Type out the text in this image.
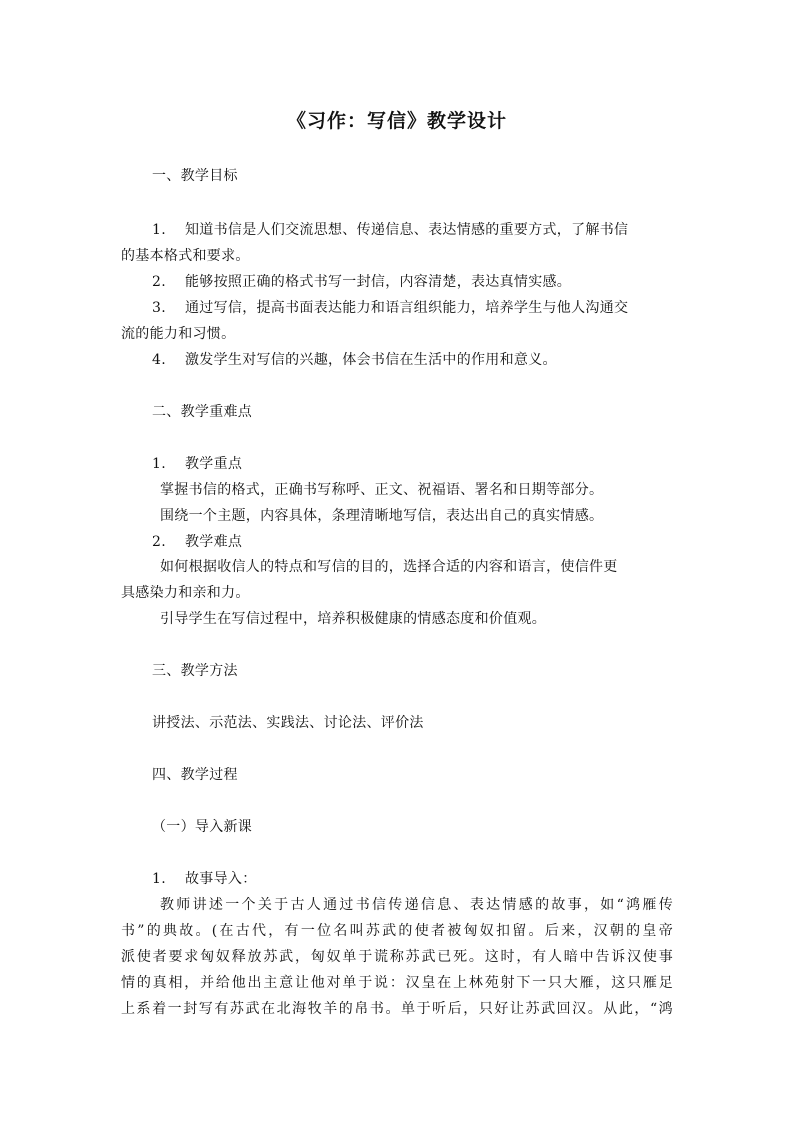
《习作：写信》教学设计
一、教学目标
1. 知道书信是人们交流思想、传递信息、表达情感的重要方式，了解书信
的基本格式和要求。
2. 能够按照正确的格式书写一封信，内容清楚，表达真情实感。
3. 通过写信，提高书面表达能力和语言组织能力，培养学生与他人沟通交
流的能力和习惯。
4. 激发学生对写信的兴趣，体会书信在生活中的作用和意义。
二、教学重难点
1. 教学重点
掌握书信的格式，正确书写称呼、正文、祝福语、署名和日期等部分。
围绕一个主题，内容具体，条理清晰地写信，表达出自己的真实情感。
2. 教学难点
如何根据收信人的特点和写信的目的，选择合适的内容和语言，使信件更
具感染力和亲和力。
引导学生在写信过程中，培养积极健康的情感态度和价值观。
三、教学方法
讲授法、示范法、实践法、讨论法、评价法
四、教学过程
（一）导入新课
1. 故事导入：
教师讲述一个关于古人通过书信传递信息、表达情感的故事，如“鸿雁传
书”的典故。(在古代，有一位名叫苏武的使者被匈奴扣留。后来，汉朝的皇帝
派使者要求匈奴释放苏武，匈奴单于谎称苏武已死。这时，有人暗中告诉汉使事
情的真相，并给他出主意让他对单于说：汉皇在上林苑射下一只大雁，这只雁足
上系着一封写有苏武在北海牧羊的帛书。单于听后，只好让苏武回汉。从此，“鸿
